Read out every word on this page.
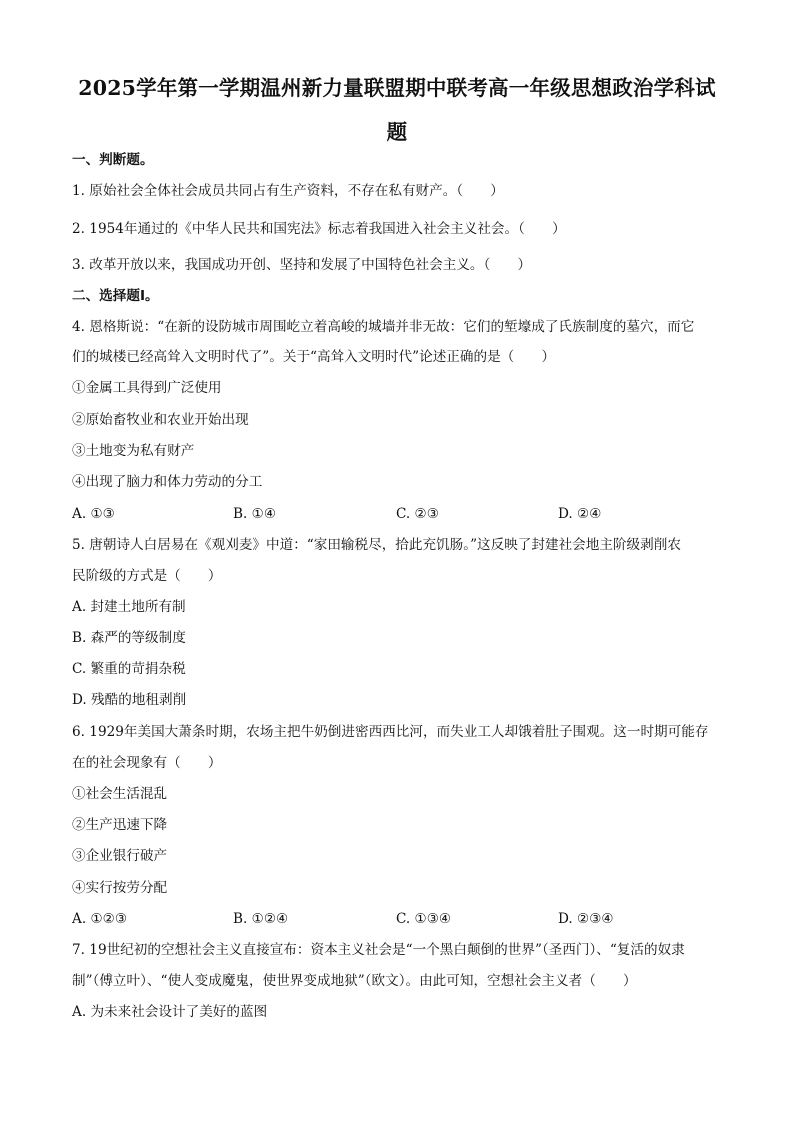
2025学年第一学期温州新力量联盟期中联考高一年级思想政治学科试
题
一、判断题。
1. 原始社会全体社会成员共同占有生产资料，不存在私有财产。（　　）
2. 1954年通过的《中华人民共和国宪法》标志着我国进入社会主义社会。（　　）
3. 改革开放以来，我国成功开创、坚持和发展了中国特色社会主义。（　　）
二、选择题Ⅰ。
4. 恩格斯说：“在新的设防城市周围屹立着高峻的城墙并非无故：它们的堑壕成了氏族制度的墓穴，而它
们的城楼已经高耸入文明时代了”。关于“高耸入文明时代”论述正确的是（　　）
①金属工具得到广泛使用
②原始畜牧业和农业开始出现
③土地变为私有财产
④出现了脑力和体力劳动的分工
A. ①③	B. ①④	C. ②③	D. ②④
5. 唐朝诗人白居易在《观刈麦》中道：“家田输税尽，拾此充饥肠。”这反映了封建社会地主阶级剥削农
民阶级的方式是（　　）
A. 封建土地所有制
B. 森严的等级制度
C. 繁重的苛捐杂税
D. 残酷的地租剥削
6. 1929年美国大萧条时期，农场主把牛奶倒进密西西比河，而失业工人却饿着肚子围观。这一时期可能存
在的社会现象有（　　）
①社会生活混乱
②生产迅速下降
③企业银行破产
④实行按劳分配
A. ①②③	B. ①②④	C. ①③④	D. ②③④
7. 19世纪初的空想社会主义直接宣布：资本主义社会是“一个黑白颠倒的世界”（圣西门）、“复活的奴隶
制”（傅立叶）、“使人变成魔鬼，使世界变成地狱”（欧文）。由此可知，空想社会主义者（　　）
A. 为未来社会设计了美好的蓝图
